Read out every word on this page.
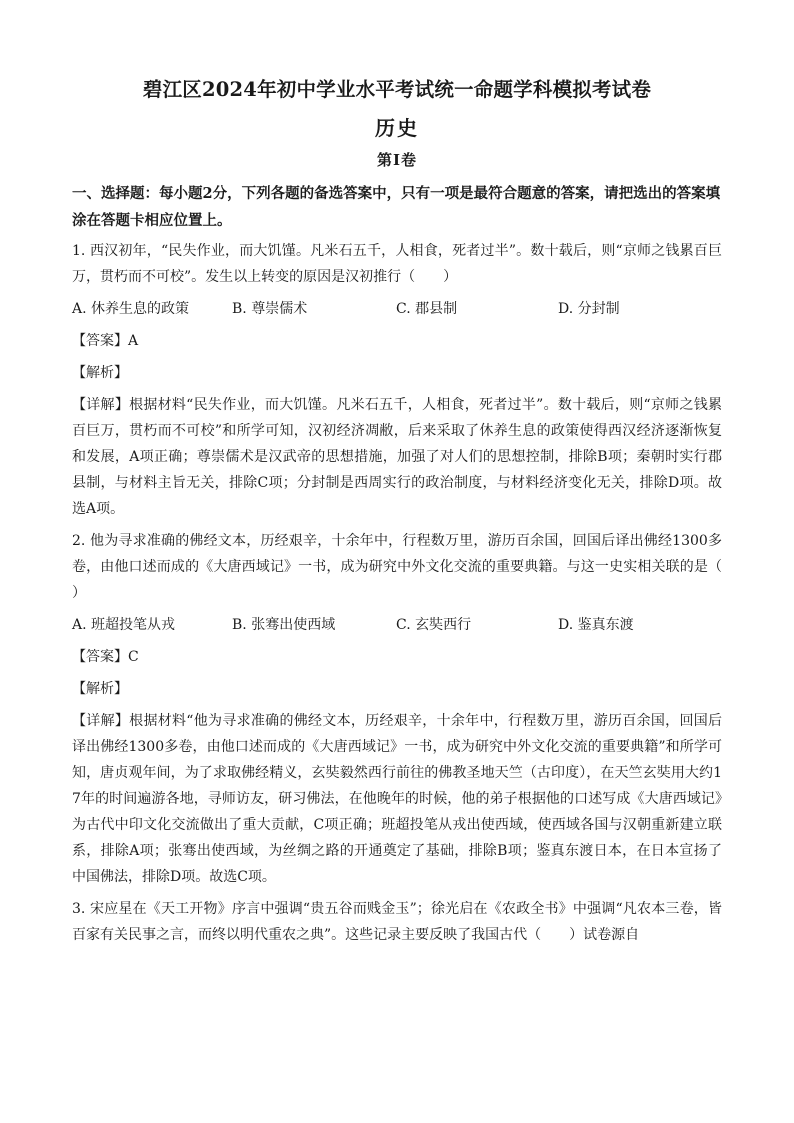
碧江区2024年初中学业水平考试统一命题学科模拟考试卷
历史
第Ⅰ卷
一、选择题：每小题2分，下列各题的备选答案中，只有一项是最符合题意的答案，请把选出的答案填涂在答题卡相应位置上。

1. 西汉初年，“民失作业，而大饥馑。凡米石五千，人相食，死者过半”。数十载后，则“京师之钱累百巨万，贯朽而不可校”。发生以上转变的原因是汉初推行（　　）

A. 休养生息的政策	B. 尊崇儒术	C. 郡县制	D. 分封制
【答案】A
【解析】

【详解】根据材料“民失作业，而大饥馑。凡米石五千，人相食，死者过半”。数十载后，则“京师之钱累百巨万，贯朽而不可校”和所学可知，汉初经济凋敝，后来采取了休养生息的政策使得西汉经济逐渐恢复和发展，A项正确；尊崇儒术是汉武帝的思想措施，加强了对人们的思想控制，排除B项；秦朝时实行郡县制，与材料主旨无关，排除C项；分封制是西周实行的政治制度，与材料经济变化无关，排除D项。故选A项。

2. 他为寻求准确的佛经文本，历经艰辛，十余年中，行程数万里，游历百余国，回国后译出佛经1300多卷，由他口述而成的《大唐西域记》一书，成为研究中外文化交流的重要典籍。与这一史实相关联的是（　　）

A. 班超投笔从戎	B. 张骞出使西域	C. 玄奘西行	D. 鉴真东渡
【答案】C
【解析】

【详解】根据材料“他为寻求准确的佛经文本，历经艰辛，十余年中，行程数万里，游历百余国，回国后译出佛经1300多卷，由他口述而成的《大唐西域记》一书，成为研究中外文化交流的重要典籍”和所学可知，唐贞观年间，为了求取佛经精义，玄奘毅然西行前往的佛教圣地天竺（古印度），在天竺玄奘用大约17年的时间遍游各地，寻师访友，研习佛法，在他晚年的时候，他的弟子根据他的口述写成《大唐西域记》为古代中印文化交流做出了重大贡献，C项正确；班超投笔从戎出使西域，使西域各国与汉朝重新建立联系，排除A项；张骞出使西域，为丝绸之路的开通奠定了基础，排除B项；鉴真东渡日本，在日本宣扬了中国佛法，排除D项。故选C项。

3. 宋应星在《天工开物》序言中强调“贵五谷而贱金玉”；徐光启在《农政全书》中强调“凡农本三卷，皆百家有关民事之言，而终以明代重农之典”。这些记录主要反映了我国古代（　　）试卷源自
